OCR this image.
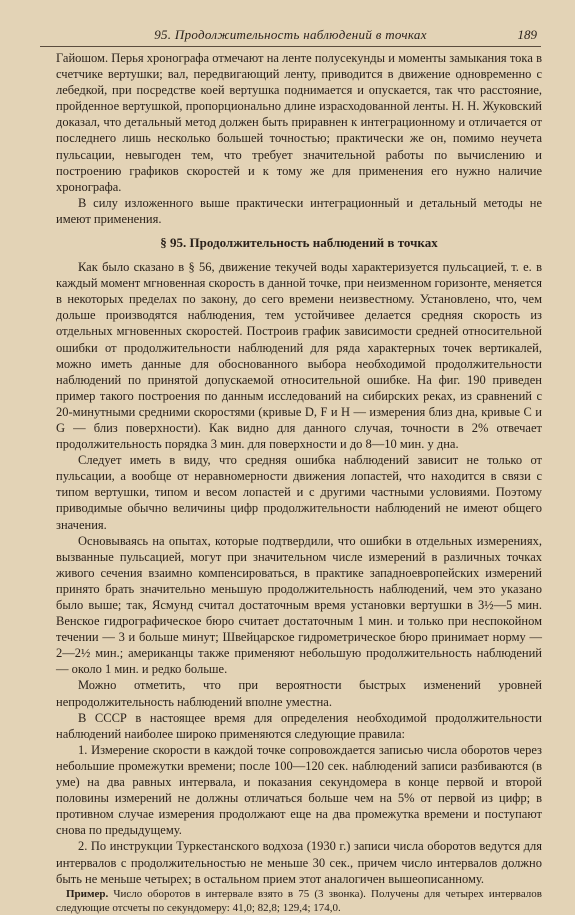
95. Продолжительность наблюдений в точках	189

Гайошом. Перья хронографа отмечают на ленте полусекунды и моменты замыкания тока в счетчике вертушки; вал, передвигающий ленту, приводится в движение одновременно с лебедкой, при посредстве коей вертушка поднимается и опускается, так что расстояние, пройденное вертушкой, пропорционально длине израсходованной ленты. Н. Н. Жуковский доказал, что детальный метод должен быть приравнен к интеграционному и отличается от последнего лишь несколько большей точностью; практически же он, помимо неучета пульсации, невыгоден тем, что требует значительной работы по вычислению и построению графиков скоростей и к тому же для применения его нужно наличие хронографа.

В силу изложенного выше практически интеграционный и детальный методы не имеют применения.

§ 95. Продолжительность наблюдений в точках

Как было сказано в § 56, движение текучей воды характеризуется пульсацией, т. е. в каждый момент мгновенная скорость в данной точке, при неизменном горизонте, меняется в некоторых пределах по закону, до сего времени неизвестному. Установлено, что, чем дольше производятся наблюдения, тем устойчивее делается средняя скорость из отдельных мгновенных скоростей. Построив график зависимости средней относительной ошибки от продолжительности наблюдений для ряда характерных точек вертикалей, можно иметь данные для обоснованного выбора необходимой продолжительности наблюдений по принятой допускаемой относительной ошибке. На фиг. 190 приведен пример такого построения по данным исследований на сибирских реках, из сравнений с 20-минутными средними скоростями (кривые D, F и H — измерения близ дна, кривые C и G — близ поверхности). Как видно для данного случая, точности в 2% отвечает продолжительность порядка 3 мин. для поверхности и до 8—10 мин. у дна.

Следует иметь в виду, что средняя ошибка наблюдений зависит не только от пульсации, а вообще от неравномерности движения лопастей, что находится в связи с типом вертушки, типом и весом лопастей и с другими частными условиями. Поэтому приводимые обычно величины цифр продолжительности наблюдений не имеют общего значения.

Основываясь на опытах, которые подтвердили, что ошибки в отдельных измерениях, вызванные пульсацией, могут при значительном числе измерений в различных точках живого сечения взаимно компенсироваться, в практике западноевропейских измерений принято брать значительно меньшую продолжительность наблюдений, чем это указано было выше; так, Ясмунд считал достаточным время установки вертушки в 3½—5 мин. Венское гидрографическое бюро считает достаточным 1 мин. и только при неспокойном течении — 3 и больше минут; Швейцарское гидрометрическое бюро принимает норму — 2—2½ мин.; американцы также применяют небольшую продолжительность наблюдений — около 1 мин. и редко больше.

Можно отметить, что при вероятности быстрых изменений уровней непродолжительность наблюдений вполне уместна.

В СССР в настоящее время для определения необходимой продолжительности наблюдений наиболее широко применяются следующие правила:

1. Измерение скорости в каждой точке сопровождается записью числа оборотов через небольшие промежутки времени; после 100—120 сек. наблюдений записи разбиваются (в уме) на два равных интервала, и показания секундомера в конце первой и второй половины измерений не должны отличаться больше чем на 5% от первой из цифр; в противном случае измерения продолжают еще на два промежутка времени и поступают снова по предыдущему.

2. По инструкции Туркестанского водхоза (1930 г.) записи числа оборотов ведутся для интервалов с продолжительностью не меньше 30 сек., причем число интервалов должно быть не меньше четырех; в остальном прием этот аналогичен вышеописанному.

Пример. Число оборотов в интервале взято в 75 (3 звонка). Получены для четырех интервалов следующие отсчеты по секундомеру: 41,0; 82,8; 129,4; 174,0.
